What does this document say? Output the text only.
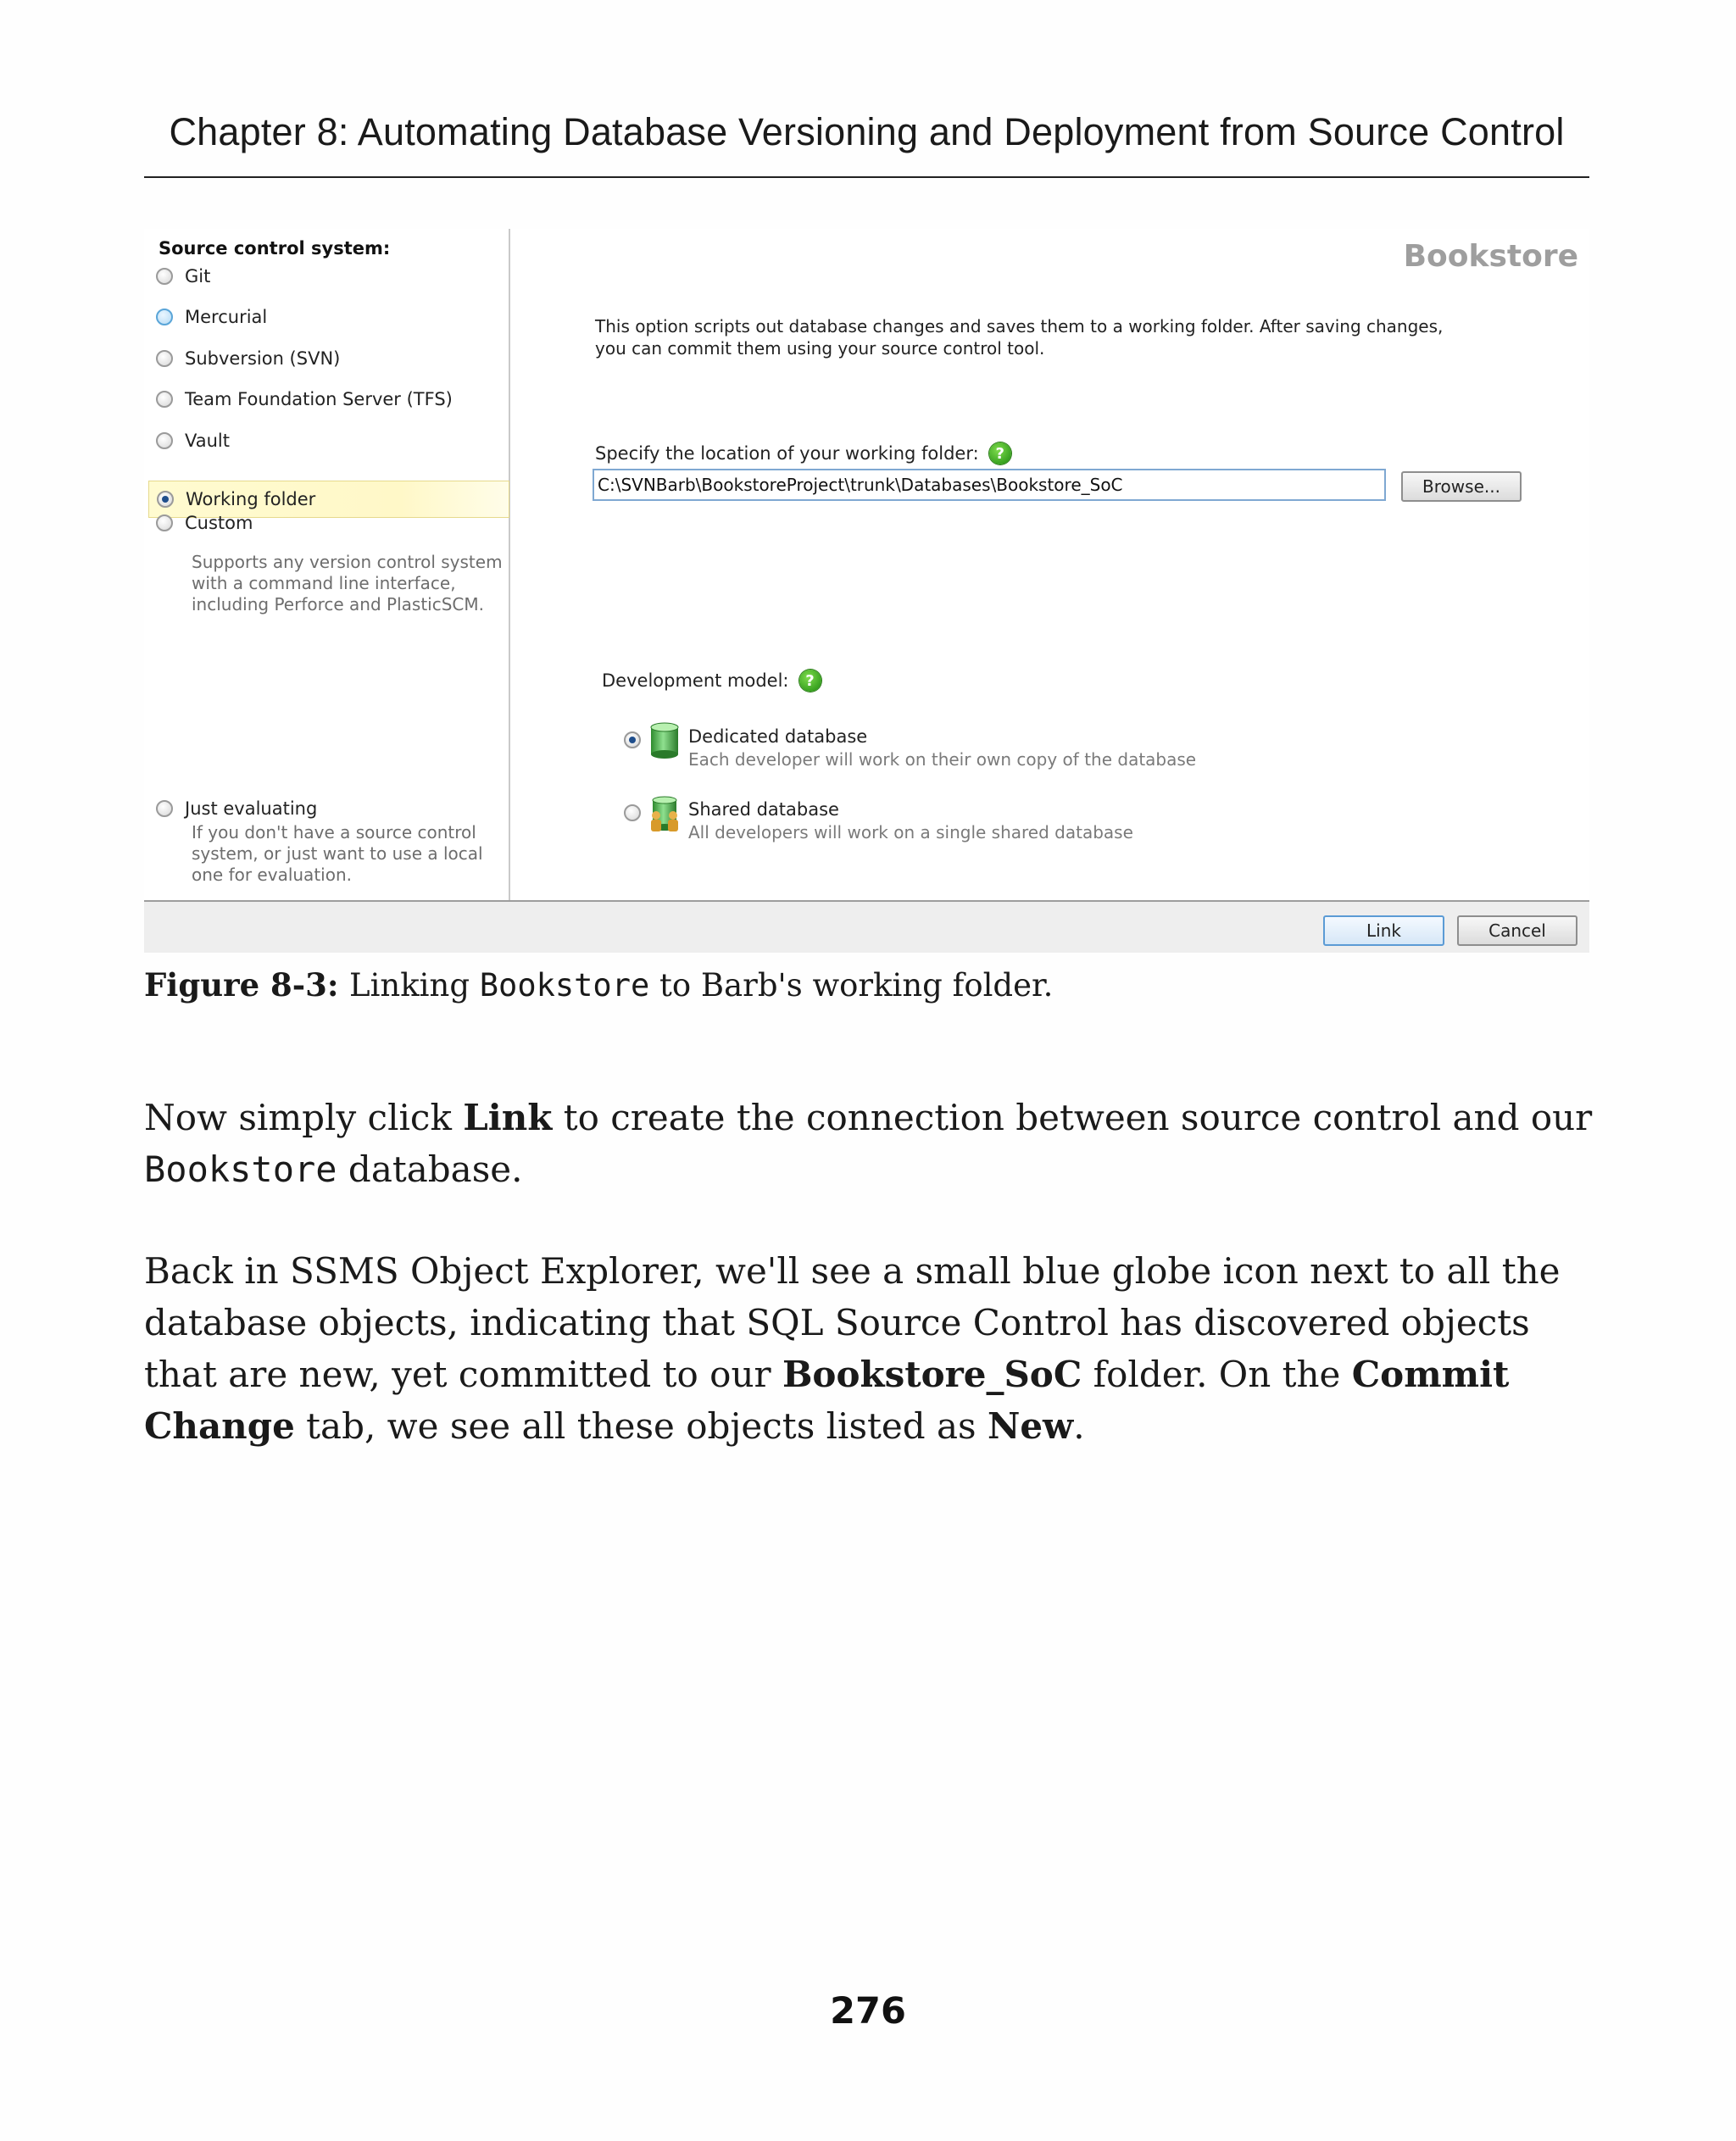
Chapter 8: Automating Database Versioning and Deployment from Source Control
Source control system:
Git
Mercurial
Subversion (SVN)
Team Foundation Server (TFS)
Vault
Working folder
Custom
Supports any version control system with a command line interface, including Perforce and PlasticSCM.
Just evaluating
If you don't have a source control system, or just want to use a local one for evaluation.
Bookstore
This option scripts out database changes and saves them to a working folder. After saving changes, you can commit them using your source control tool.
Specify the location of your working folder:	?
C:\SVNBarb\BookstoreProject\trunk\Databases\Bookstore_SoC
Browse...
Development model:	?
Dedicated database
Each developer will work on their own copy of the database
Shared database
All developers will work on a single shared database
Link	Cancel
Figure 8-3: Linking Bookstore to Barb's working folder.
Now simply click Link to create the connection between source control and our Bookstore database.
Back in SSMS Object Explorer, we'll see a small blue globe icon next to all the database objects, indicating that SQL Source Control has discovered objects that are new, yet committed to our Bookstore_SoC folder. On the Commit Change tab, we see all these objects listed as New.
276
